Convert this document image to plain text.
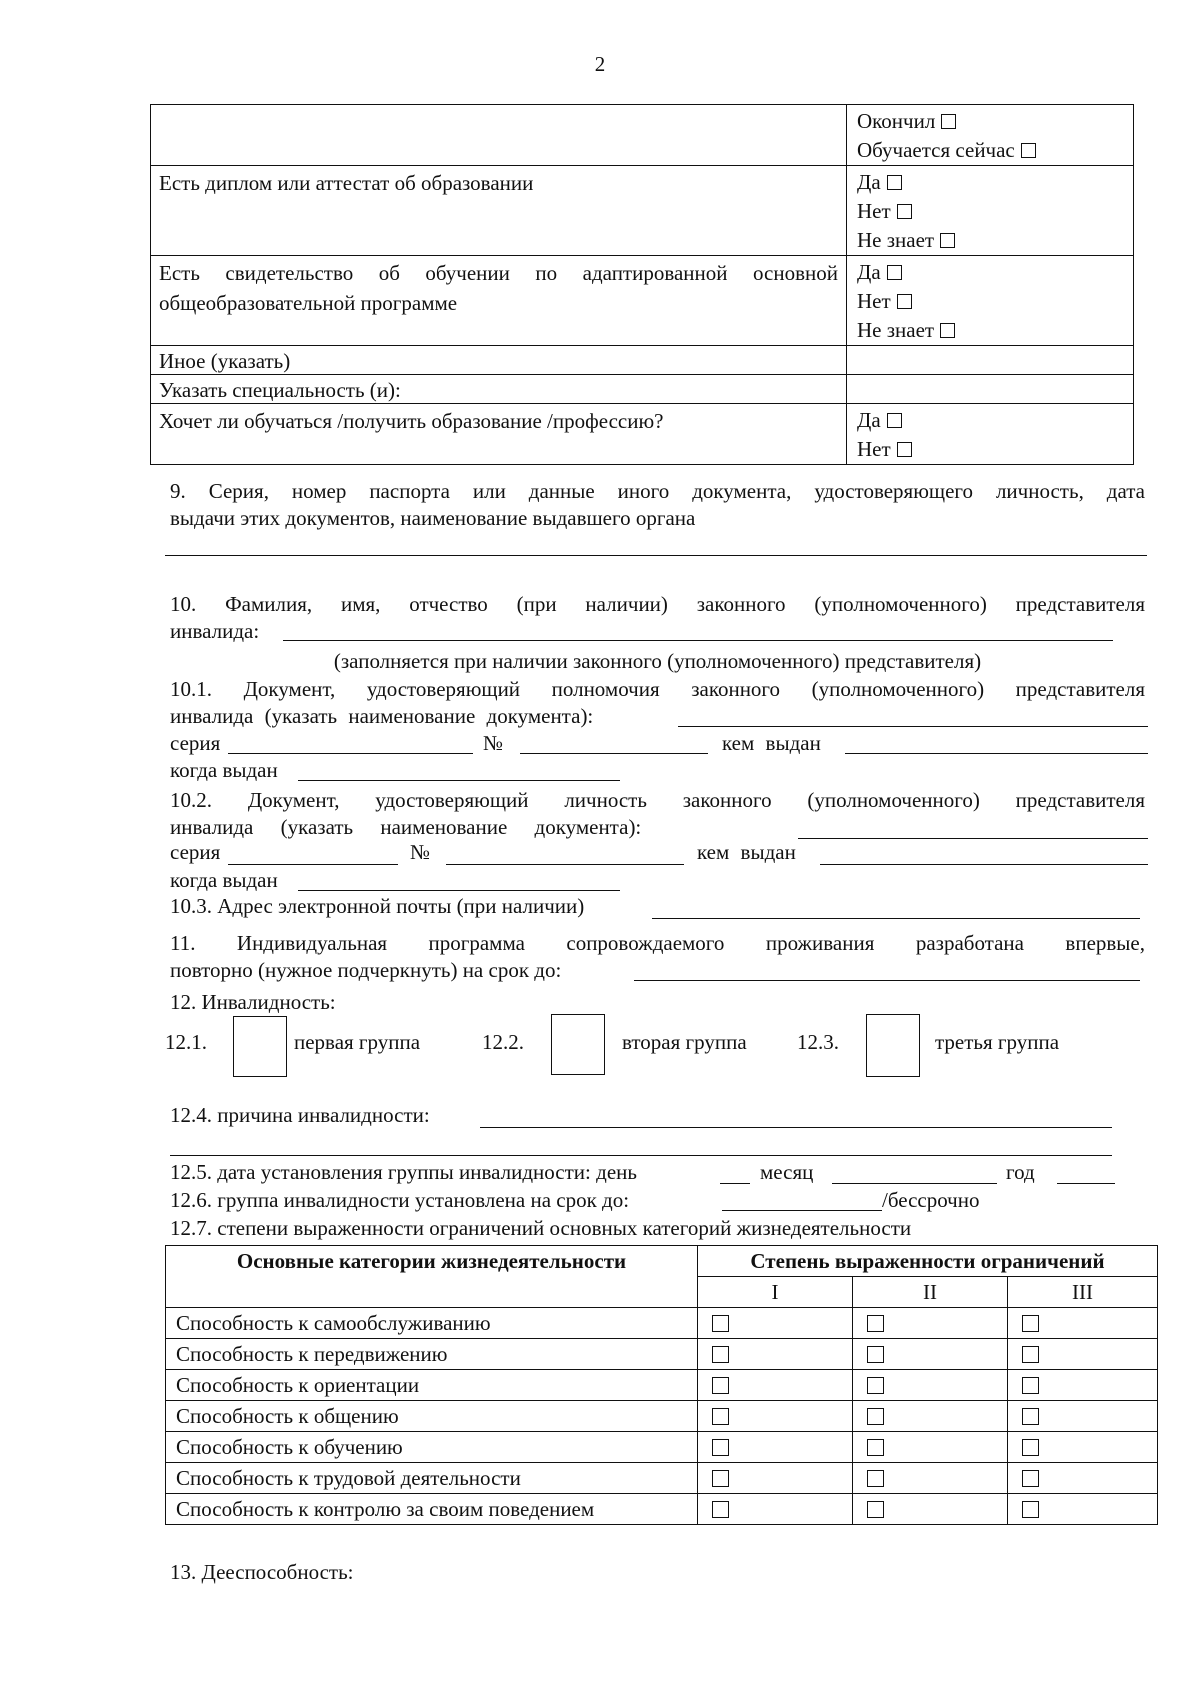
2

	Окончил
Обучается сейчас

Есть диплом или аттестат об образовании	Да
Нет
Не знает

Есть свидетельство об обучении по адаптированной основной общеобразовательной программе	Да
Нет
Не знает

Иное (указать)	
Указать специальность (и):	
Хочет ли обучаться /получить образование /профессию?	Да
Нет
9. Серия, номер паспорта или данные иного документа, удостоверяющего личность, дата
выдачи этих документов, наименование выдавшего органа
10. Фамилия, имя, отчество (при наличии) законного (уполномоченного) представителя
инвалида:
(заполняется при наличии законного (уполномоченного) представителя)
10.1. Документ, удостоверяющий полномочия законного (уполномоченного) представителя
инвалида (указать наименование документа):
серия	№	кем выдан
когда выдан
10.2. Документ, удостоверяющий личность законного (уполномоченного) представителя
инвалида (указать наименование документа):
серия	№	кем выдан
когда выдан
10.3. Адрес электронной почты (при наличии)
11. Индивидуальная программа сопровождаемого проживания разработана впервые,
повторно (нужное подчеркнуть) на срок до:
12. Инвалидность:
12.1.	первая группа	12.2.	вторая группа 12.3.	третья группа
12.4. причина инвалидности:
12.5. дата установления группы инвалидности: день	месяц	год
12.6. группа инвалидности установлена на срок до:	/бессрочно
12.7. степени выраженности ограничений основных категорий жизнедеятельности
Основные категории жизнедеятельности	Степень выраженности ограничений		
	I	II	III
Способность к самообслуживанию			
Способность к передвижению			
Способность к ориентации			
Способность к общению			
Способность к обучению			
Способность к трудовой деятельности			
Способность к контролю за своим поведением			
13. Дееспособность:
